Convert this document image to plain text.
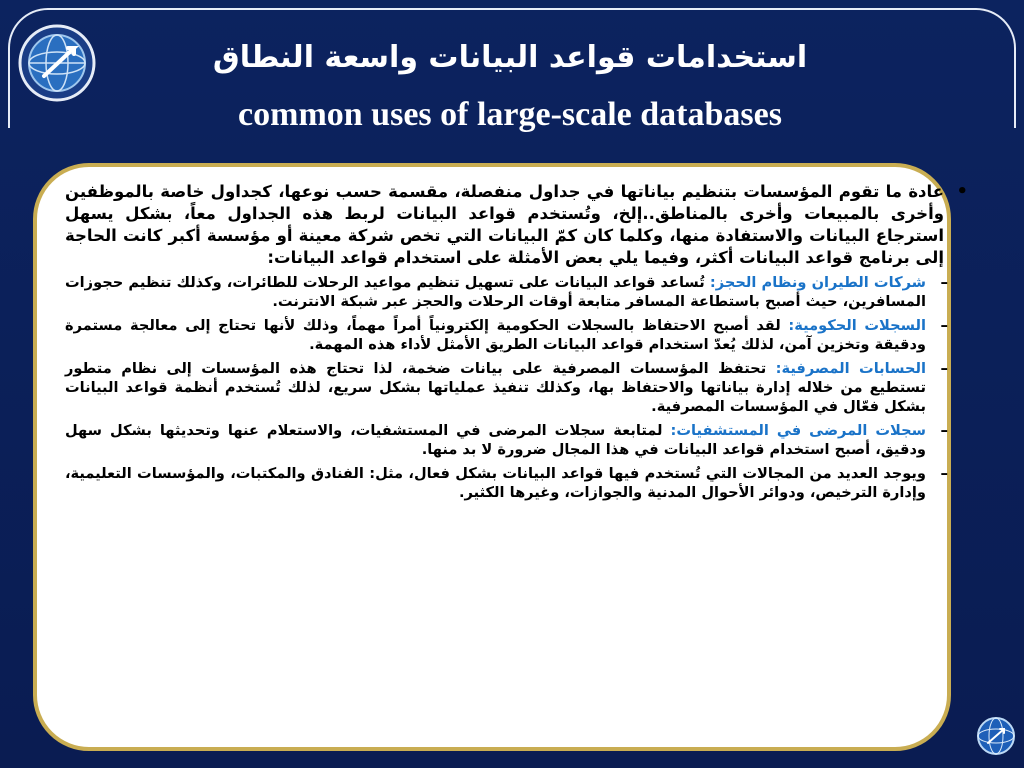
استخدامات قواعد البيانات واسعة النطاق
common uses of large-scale databases

•
عادة ما تقوم المؤسسات بتنظيم بياناتها في جداول منفصلة، مقسمة حسب نوعها، كجداول خاصة بالموظفين وأخرى بالمبيعات وأخرى بالمناطق..إلخ، وتُستخدم قواعد البيانات لربط هذه الجداول معاً، بشكل يسهل استرجاع البيانات والاستفادة منها، وكلما كان كمّ البيانات التي تخص شركة معينة أو مؤسسة أكبر كانت الحاجة إلى برنامج قواعد البيانات أكثر، وفيما يلي بعض الأمثلة على استخدام قواعد البيانات:

–
شركات الطيران ونظام الحجز: تُساعد قواعد البيانات على تسهيل تنظيم مواعيد الرحلات للطائرات، وكذلك تنظيم حجوزات المسافرين، حيث أصبح باستطاعة المسافر متابعة أوقات الرحلات والحجز عبر شبكة الانترنت.

–
السجلات الحكومية: لقد أصبح الاحتفاظ بالسجلات الحكومية إلكترونياً أمراً مهماً، وذلك لأنها تحتاج إلى معالجة مستمرة ودقيقة وتخزين آمن، لذلك يُعدّ استخدام قواعد البيانات الطريق الأمثل لأداء هذه المهمة.

–
الحسابات المصرفية: تحتفظ المؤسسات المصرفية على بيانات ضخمة، لذا تحتاج هذه المؤسسات إلى نظام متطور تستطيع من خلاله إدارة بياناتها والاحتفاظ بها، وكذلك تنفيذ عملياتها بشكل سريع، لذلك تُستخدم أنظمة قواعد البيانات بشكل فعّال في المؤسسات المصرفية.

–
سجلات المرضى في المستشفيات: لمتابعة سجلات المرضى في المستشفيات، والاستعلام عنها وتحديثها بشكل سهل ودقيق، أصبح استخدام قواعد البيانات في هذا المجال ضرورة لا بد منها.

–
ويوجد العديد من المجالات التي تُستخدم فيها قواعد البيانات بشكل فعال، مثل: الفنادق والمكتبات، والمؤسسات التعليمية، وإدارة الترخيص، ودوائر الأحوال المدنية والجوازات، وغيرها الكثير.
